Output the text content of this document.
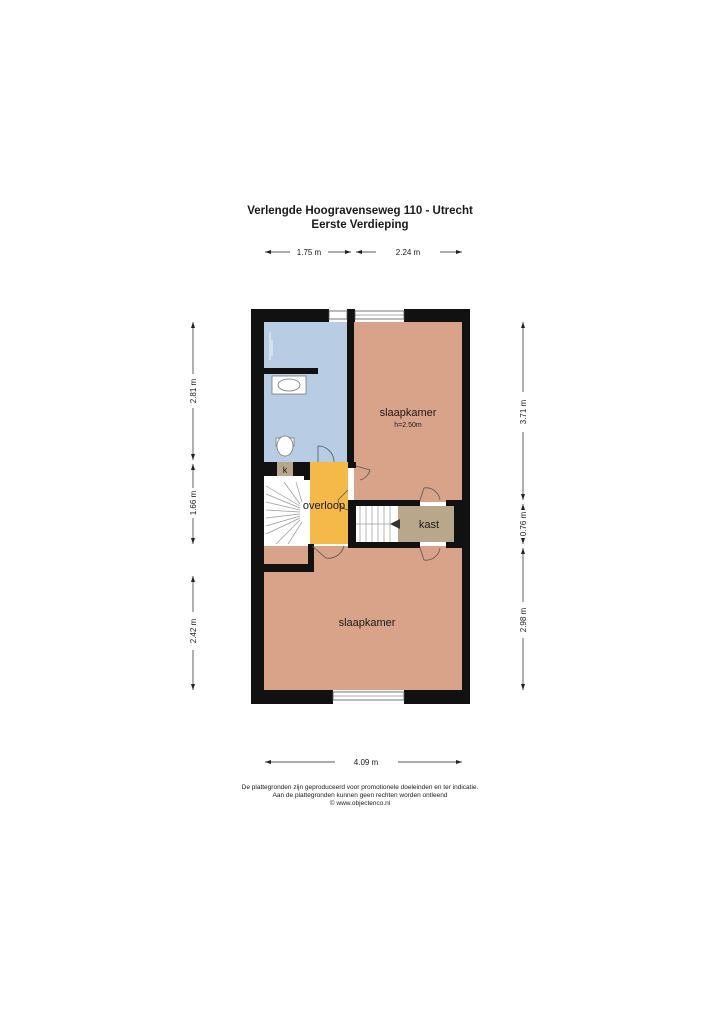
Verlengde Hoogravenseweg 110 - Utrecht
Eerste Verdieping
slaapkamer
h=2.50m
slaapkamer
overloop
kast
k
1.75 m	2.24 m
4.09 m
2.81 m
1.66 m
2.42 m
3.71 m
0.76 m
2.98 m
De plattegronden zijn geproduceerd voor promotionele doeleinden en ter indicatie.
Aan de plattegronden kunnen geen rechten worden ontleend
© www.objectenco.nl
